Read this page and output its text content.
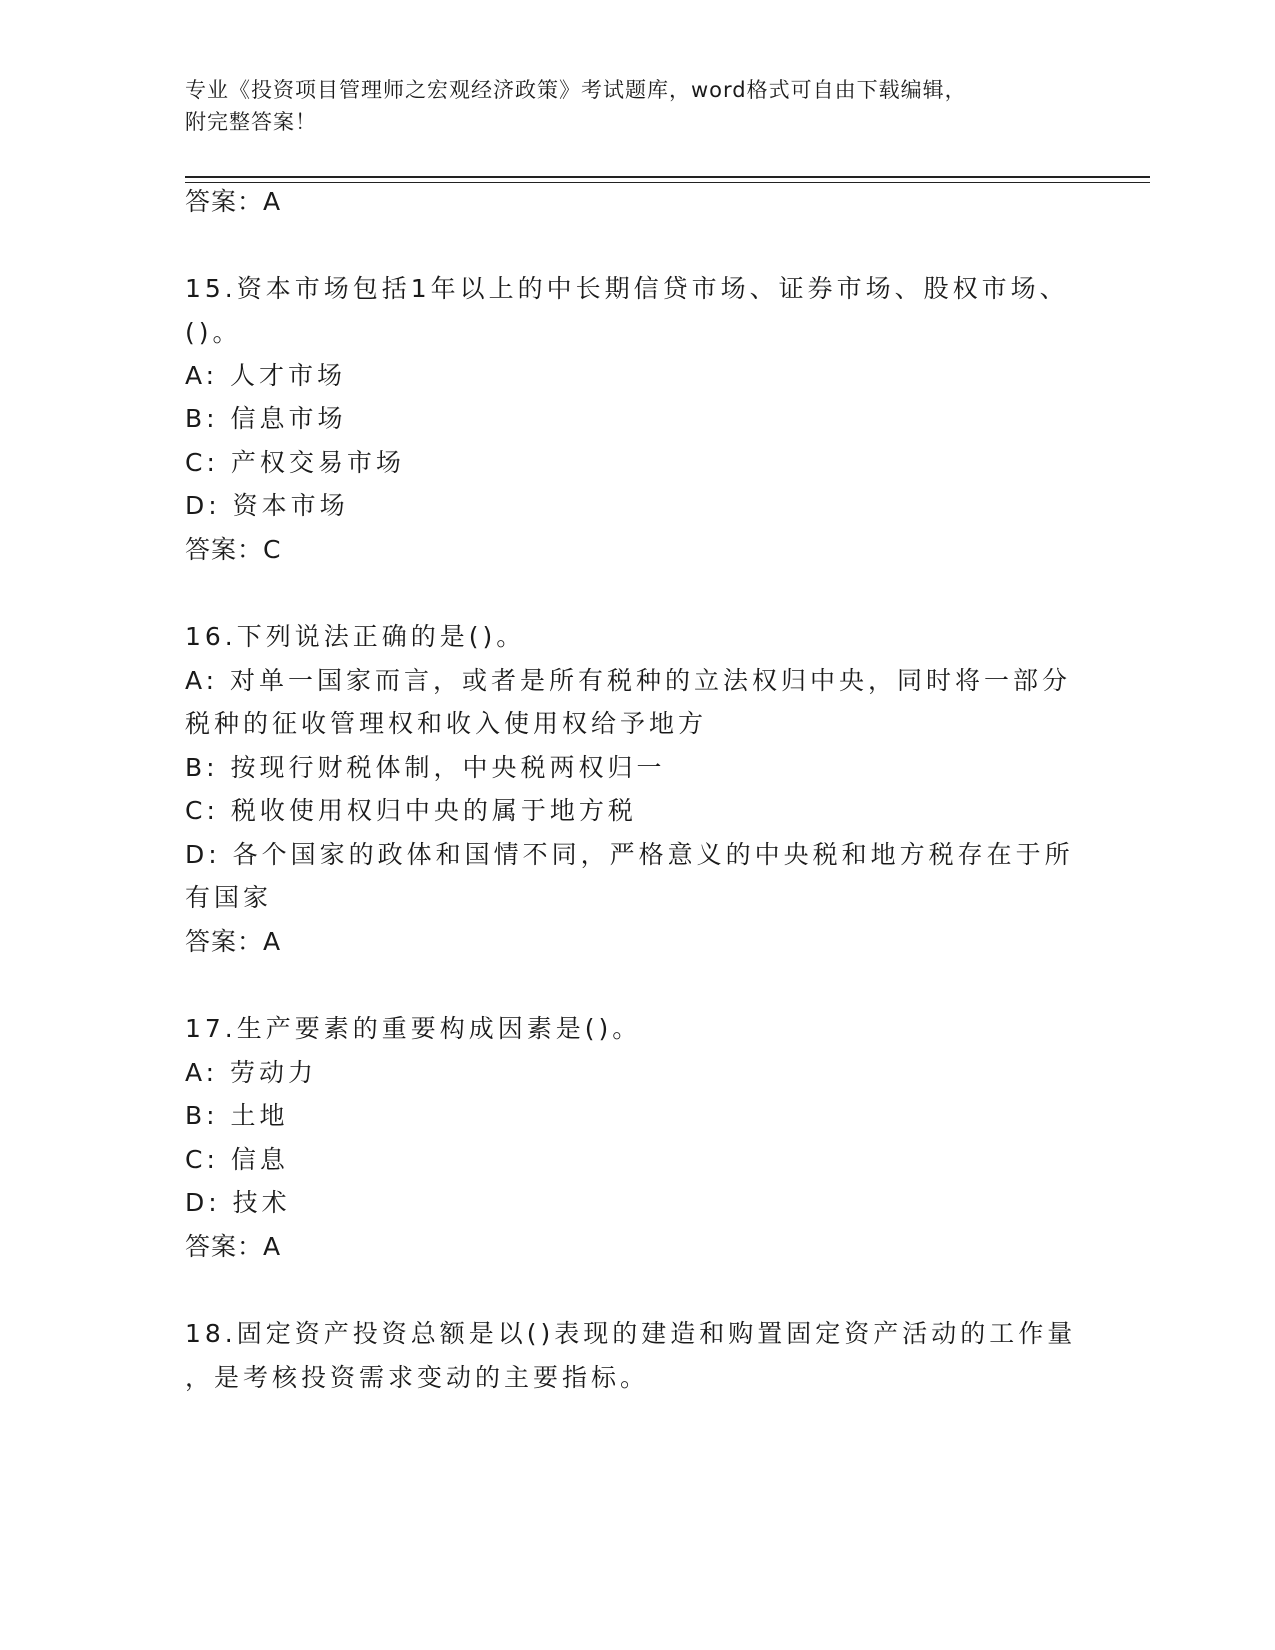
专业《投资项目管理师之宏观经济政策》考试题库，word格式可自由下载编辑，
附完整答案！
答案：A
15.资本市场包括1年以上的中长期信贷市场、证券市场、股权市场、
()。
A: 人才市场
B: 信息市场
C: 产权交易市场
D: 资本市场
答案：C
16.下列说法正确的是()。
A: 对单一国家而言，或者是所有税种的立法权归中央，同时将一部分
税种的征收管理权和收入使用权给予地方
B: 按现行财税体制，中央税两权归一
C: 税收使用权归中央的属于地方税
D: 各个国家的政体和国情不同，严格意义的中央税和地方税存在于所
有国家
答案：A
17.生产要素的重要构成因素是()。
A: 劳动力
B: 土地
C: 信息
D: 技术
答案：A
18.固定资产投资总额是以()表现的建造和购置固定资产活动的工作量
，是考核投资需求变动的主要指标。
